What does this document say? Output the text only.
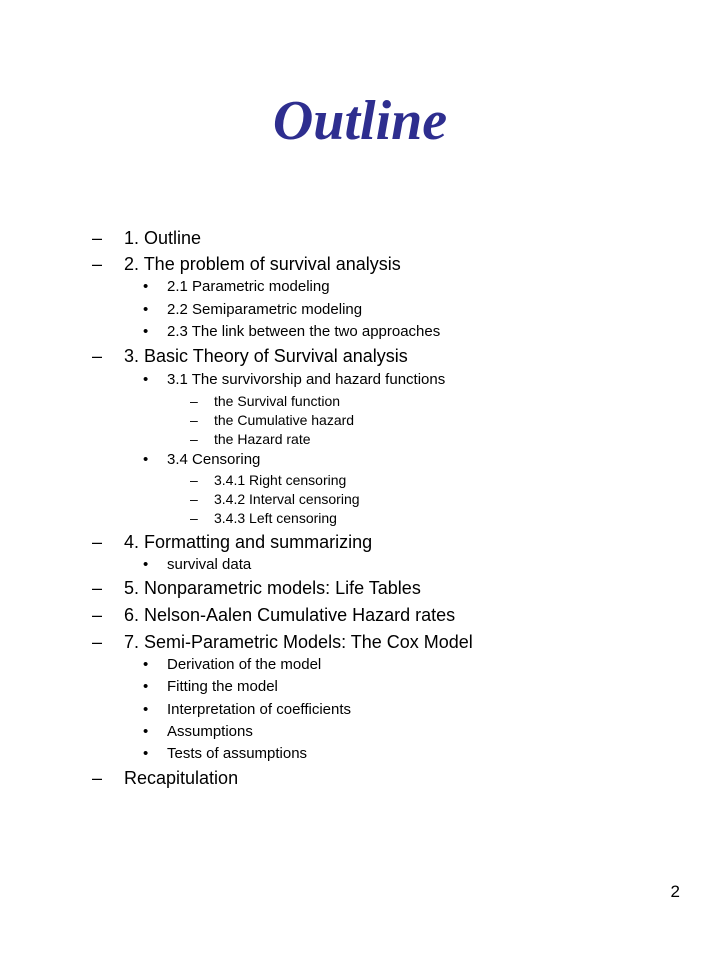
Outline
– 1. Outline
– 2. The problem of survival analysis
• 2.1 Parametric modeling
• 2.2 Semiparametric modeling
• 2.3 The link between the two approaches
– 3. Basic Theory of Survival analysis
• 3.1 The survivorship and hazard functions
– the Survival function
– the Cumulative hazard
– the Hazard rate
• 3.4 Censoring
– 3.4.1 Right censoring
– 3.4.2 Interval censoring
– 3.4.3 Left censoring
– 4. Formatting and summarizing
• survival data
– 5. Nonparametric models: Life Tables
– 6. Nelson-Aalen Cumulative Hazard rates
– 7. Semi-Parametric Models: The Cox Model
• Derivation of the model
• Fitting the model
• Interpretation of coefficients
• Assumptions
• Tests of assumptions
– Recapitulation
2
